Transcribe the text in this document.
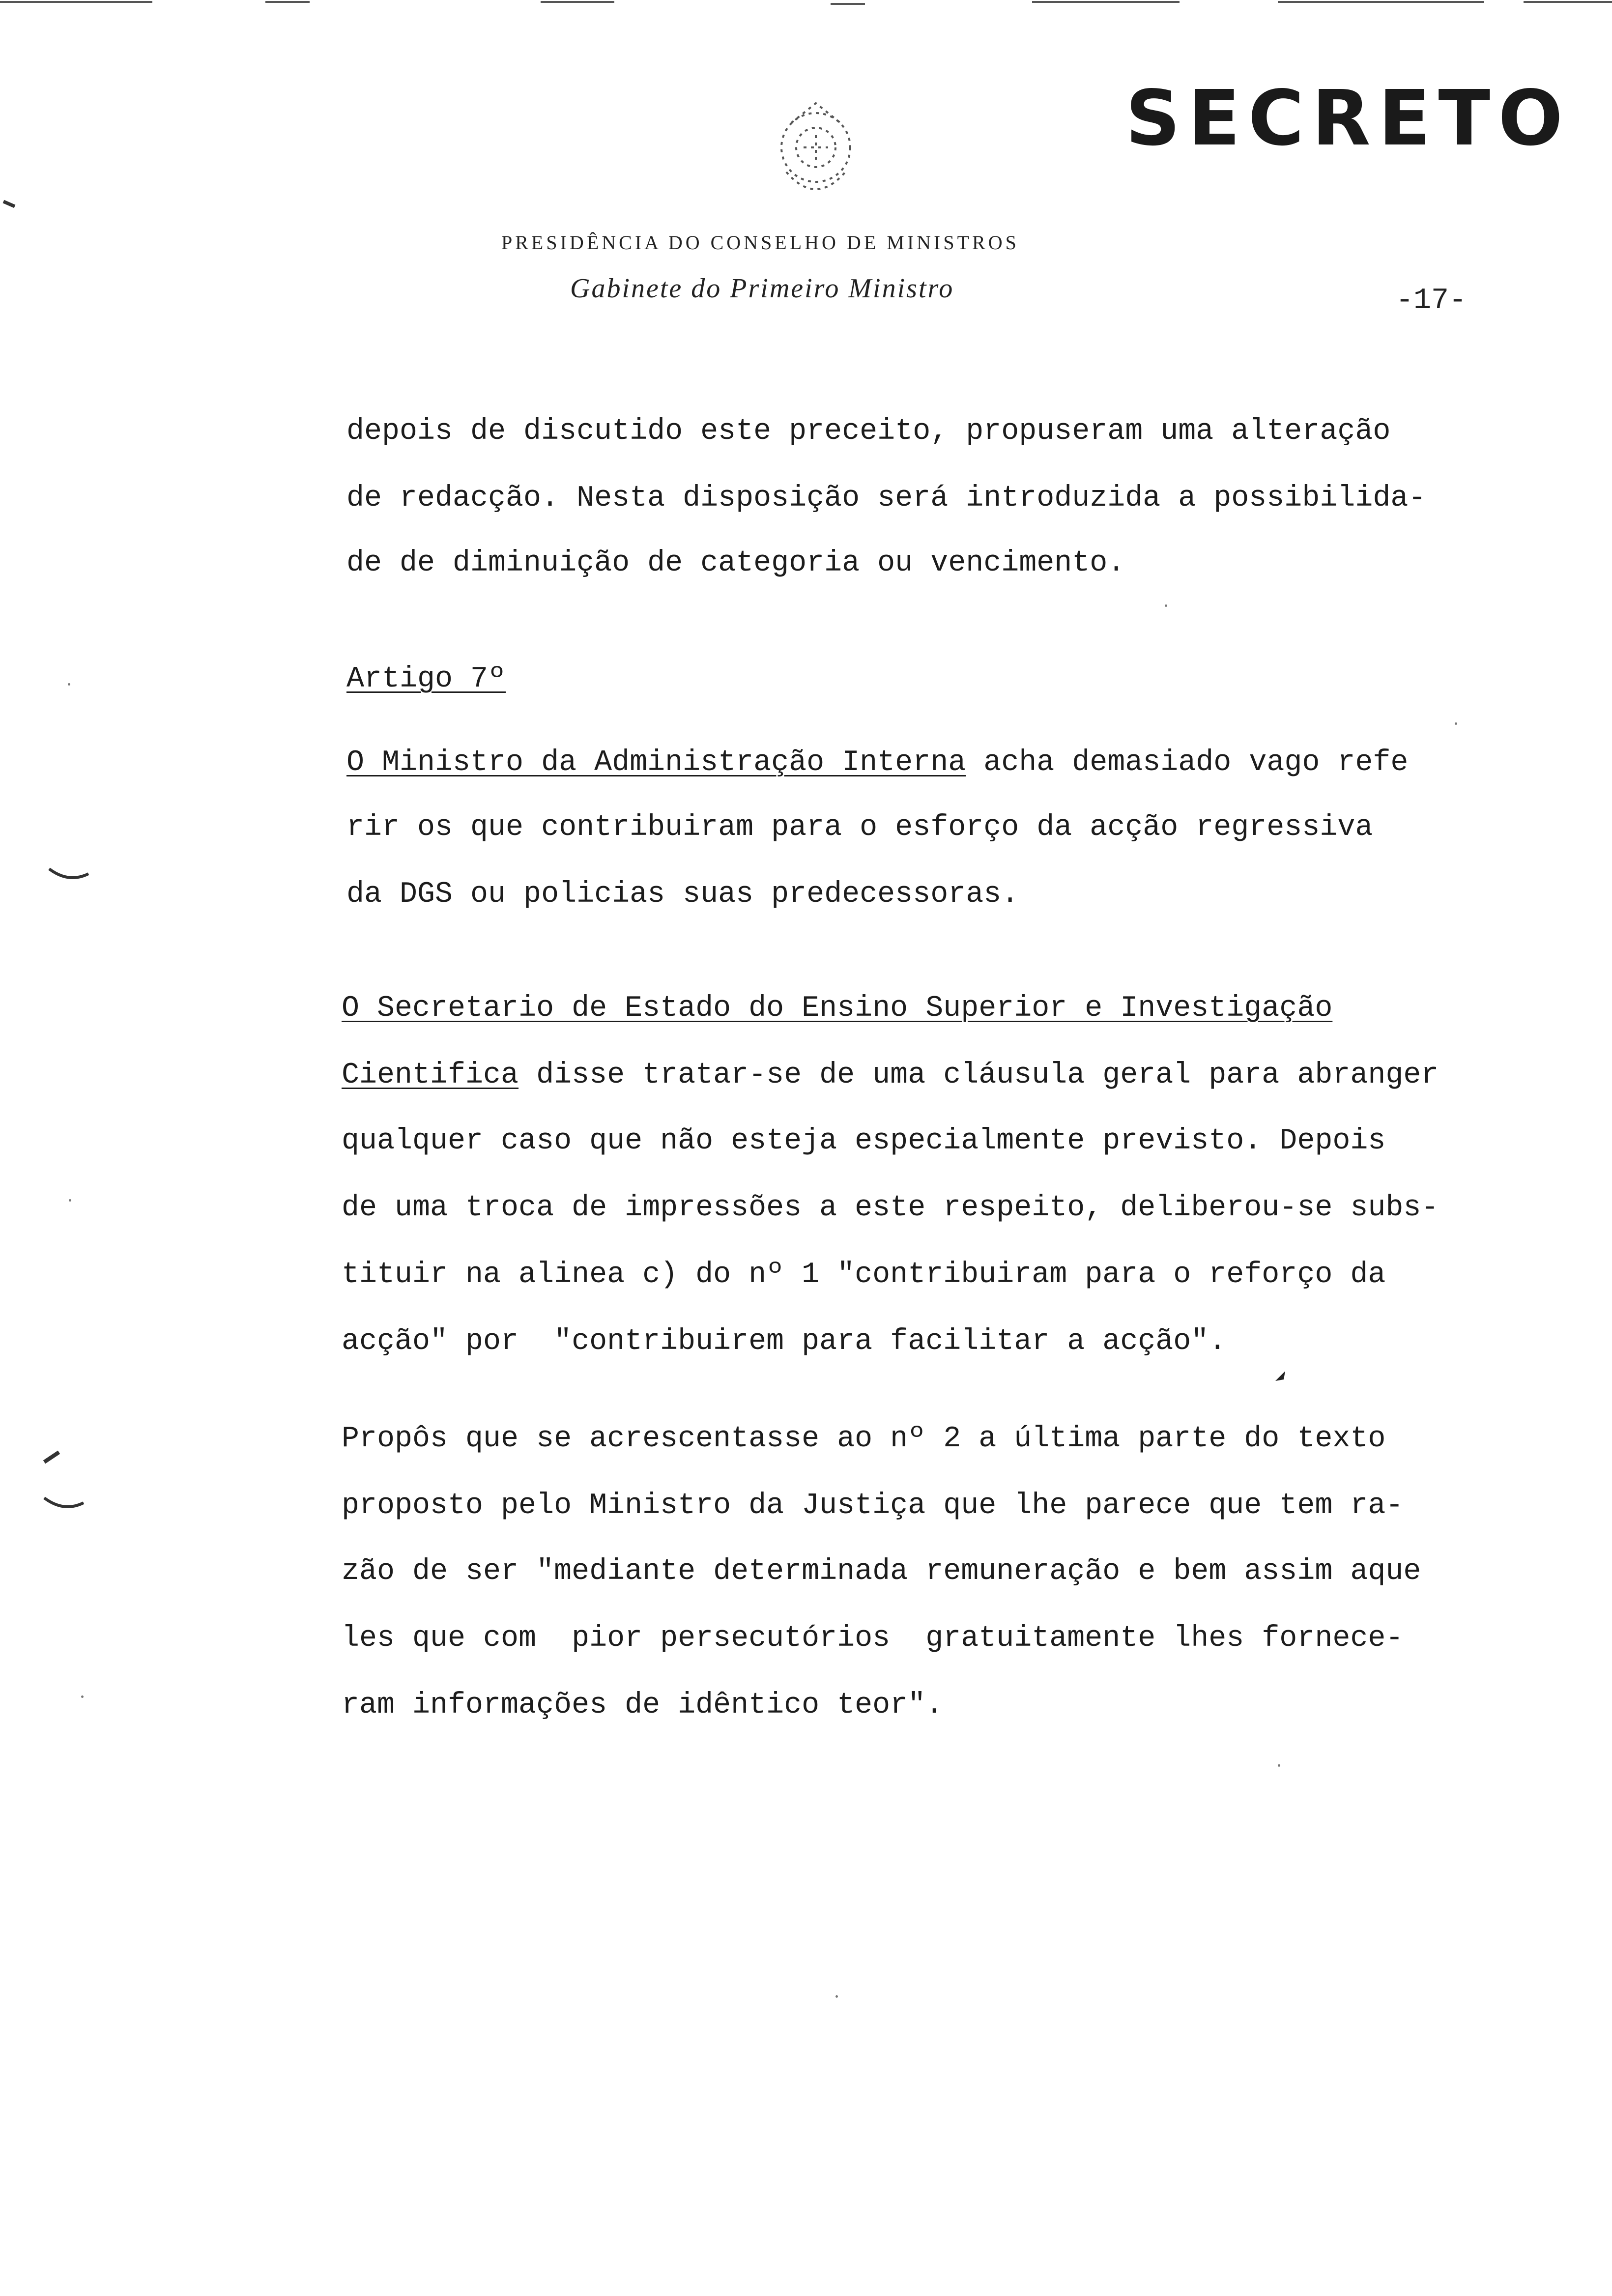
SECRETO
PRESIDÊNCIA DO CONSELHO DE MINISTROS
Gabinete do Primeiro Ministro	-17-
depois de discutido este preceito, propuseram uma alteração
de redacção. Nesta disposição será introduzida a possibilida-
de de diminuição de categoria ou vencimento.
Artigo 7º
O Ministro da Administração Interna acha demasiado vago refe
rir os que contribuiram para o esforço da acção regressiva
da DGS ou policias suas predecessoras.
O Secretario de Estado do Ensino Superior e Investigação
Cientifica disse tratar-se de uma cláusula geral para abranger
qualquer caso que não esteja especialmente previsto. Depois
de uma troca de impressões a este respeito, deliberou-se subs-
tituir na alinea c) do nº 1 "contribuiram para o reforço da
acção" por  "contribuirem para facilitar a acção".
Propôs que se acrescentasse ao nº 2 a última parte do texto
proposto pelo Ministro da Justiça que lhe parece que tem ra-
zão de ser "mediante determinada remuneração e bem assim aque
les que com  pior persecutórios  gratuitamente lhes fornece-
ram informações de idêntico teor".
